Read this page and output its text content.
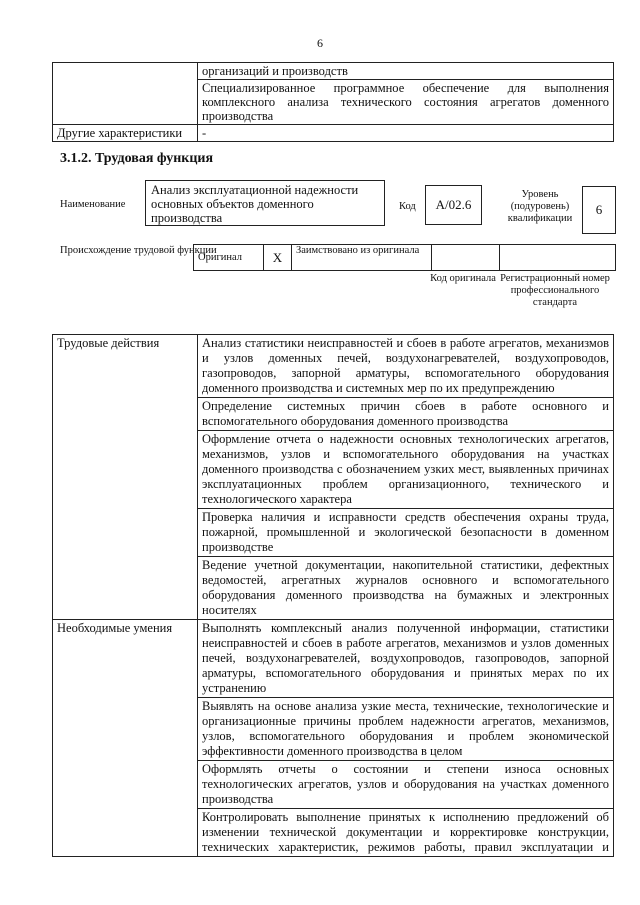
6
	организаций и производств
	Специализированное программное обеспечение для выполнения комплексного анализа технического состояния агрегатов доменного производства
Другие характеристики	-
3.1.2. Трудовая функция
Наименование
Анализ эксплуатационной надежности основных объектов доменного производства
Код	А/02.6
Уровень (подуровень) квалификации
6
Происхождение трудовой функции
Оригинал	X	Заимствовано из оригинала		
Код оригинала Регистрационный номер профессионального стандарта
Трудовые действия	Анализ статистики неисправностей и сбоев в работе агрегатов, механизмов и узлов доменных печей, воздухонагревателей, воздухопроводов, газопроводов, запорной арматуры, вспомогательного оборудования доменного производства и системных мер по их предупреждению
	Определение системных причин сбоев в работе основного и вспомогательного оборудования доменного производства
	Оформление отчета о надежности основных технологических агрегатов, механизмов, узлов и вспомогательного оборудования на участках доменного производства с обозначением узких мест, выявленных причинах эксплуатационных проблем организационного, технического и технологического характера
	Проверка наличия и исправности средств обеспечения охраны труда, пожарной, промышленной и экологической безопасности в доменном производстве
	Ведение учетной документации, накопительной статистики, дефектных ведомостей, агрегатных журналов основного и вспомогательного оборудования доменного производства на бумажных и электронных носителях
Необходимые умения	Выполнять комплексный анализ полученной информации, статистики неисправностей и сбоев в работе агрегатов, механизмов и узлов доменных печей, воздухонагревателей, воздухопроводов, газопроводов, запорной арматуры, вспомогательного оборудования и принятых мерах по их устранению
	Выявлять на основе анализа узкие места, технические, технологические и организационные причины проблем надежности агрегатов, механизмов, узлов, вспомогательного оборудования и проблем экономической эффективности доменного производства в целом
	Оформлять отчеты о состоянии и степени износа основных технологических агрегатов, узлов и оборудования на участках доменного производства
	Контролировать выполнение принятых к исполнению предложений об изменении технической документации и корректировке конструкции, технических характеристик, режимов работы, правил эксплуатации и
